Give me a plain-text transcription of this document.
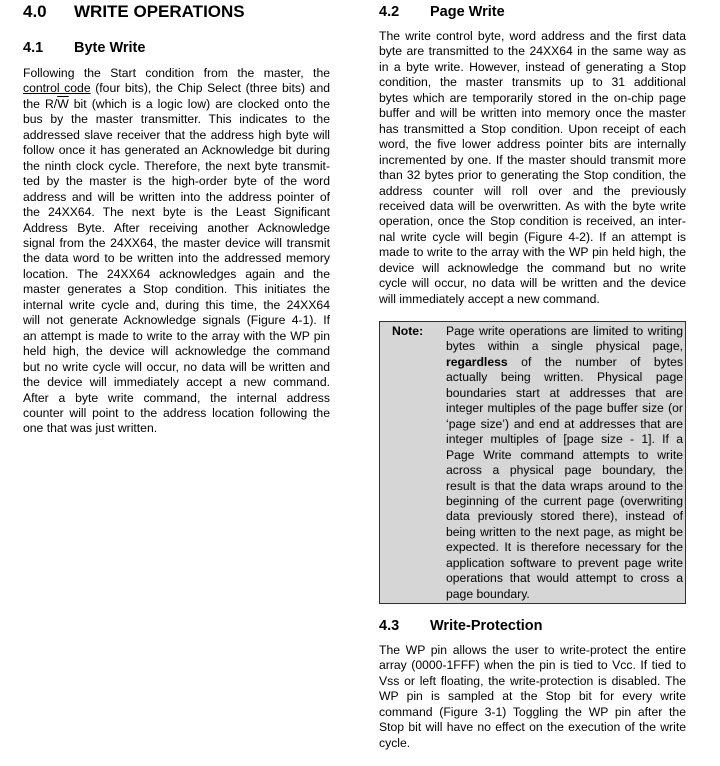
4.0	WRITE OPERATIONS
4.1	Byte Write
Following the Start condition from the master, the
control code (four bits), the Chip Select (three bits) and
the $R/\overline{W}$ bit (which is a logic low) are clocked onto the
bus by the master transmitter. This indicates to the
addressed slave receiver that the address high byte will
follow once it has generated an Acknowledge bit during
the ninth clock cycle. Therefore, the next byte transmit-
ted by the master is the high-order byte of the word
address and will be written into the address pointer of
the 24XX64. The next byte is the Least Significant
Address Byte. After receiving another Acknowledge
signal from the 24XX64, the master device will transmit
the data word to be written into the addressed memory
location. The 24XX64 acknowledges again and the
master generates a Stop condition. This initiates the
internal write cycle and, during this time, the 24XX64
will not generate Acknowledge signals (Figure 4-1). If
an attempt is made to write to the array with the WP pin
held high, the device will acknowledge the command
but no write cycle will occur, no data will be written and
the device will immediately accept a new command.
After a byte write command, the internal address
counter will point to the address location following the
one that was just written.
4.2	Page Write
The write control byte, word address and the first data
byte are transmitted to the 24XX64 in the same way as
in a byte write. However, instead of generating a Stop
condition, the master transmits up to 31 additional
bytes which are temporarily stored in the on-chip page
buffer and will be written into memory once the master
has transmitted a Stop condition. Upon receipt of each
word, the five lower address pointer bits are internally
incremented by one. If the master should transmit more
than 32 bytes prior to generating the Stop condition, the
address counter will roll over and the previously
received data will be overwritten. As with the byte write
operation, once the Stop condition is received, an inter-
nal write cycle will begin (Figure 4-2). If an attempt is
made to write to the array with the WP pin held high, the
device will acknowledge the command but no write
cycle will occur, no data will be written and the device
will immediately accept a new command.
Note: Page write operations are limited to writing
bytes within a single physical page,
regardless of the number of bytes
actually being written. Physical page
boundaries start at addresses that are
integer multiples of the page buffer size (or
‘page size’) and end at addresses that are
integer multiples of [page size - 1]. If a
Page Write command attempts to write
across a physical page boundary, the
result is that the data wraps around to the
beginning of the current page (overwriting
data previously stored there), instead of
being written to the next page, as might be
expected. It is therefore necessary for the
application software to prevent page write
operations that would attempt to cross a
page boundary.
4.3	Write-Protection
The WP pin allows the user to write-protect the entire
array (0000-1FFF) when the pin is tied to Vcc. If tied to
Vss or left floating, the write-protection is disabled. The
WP pin is sampled at the Stop bit for every write
command (Figure 3-1) Toggling the WP pin after the
Stop bit will have no effect on the execution of the write
cycle.
